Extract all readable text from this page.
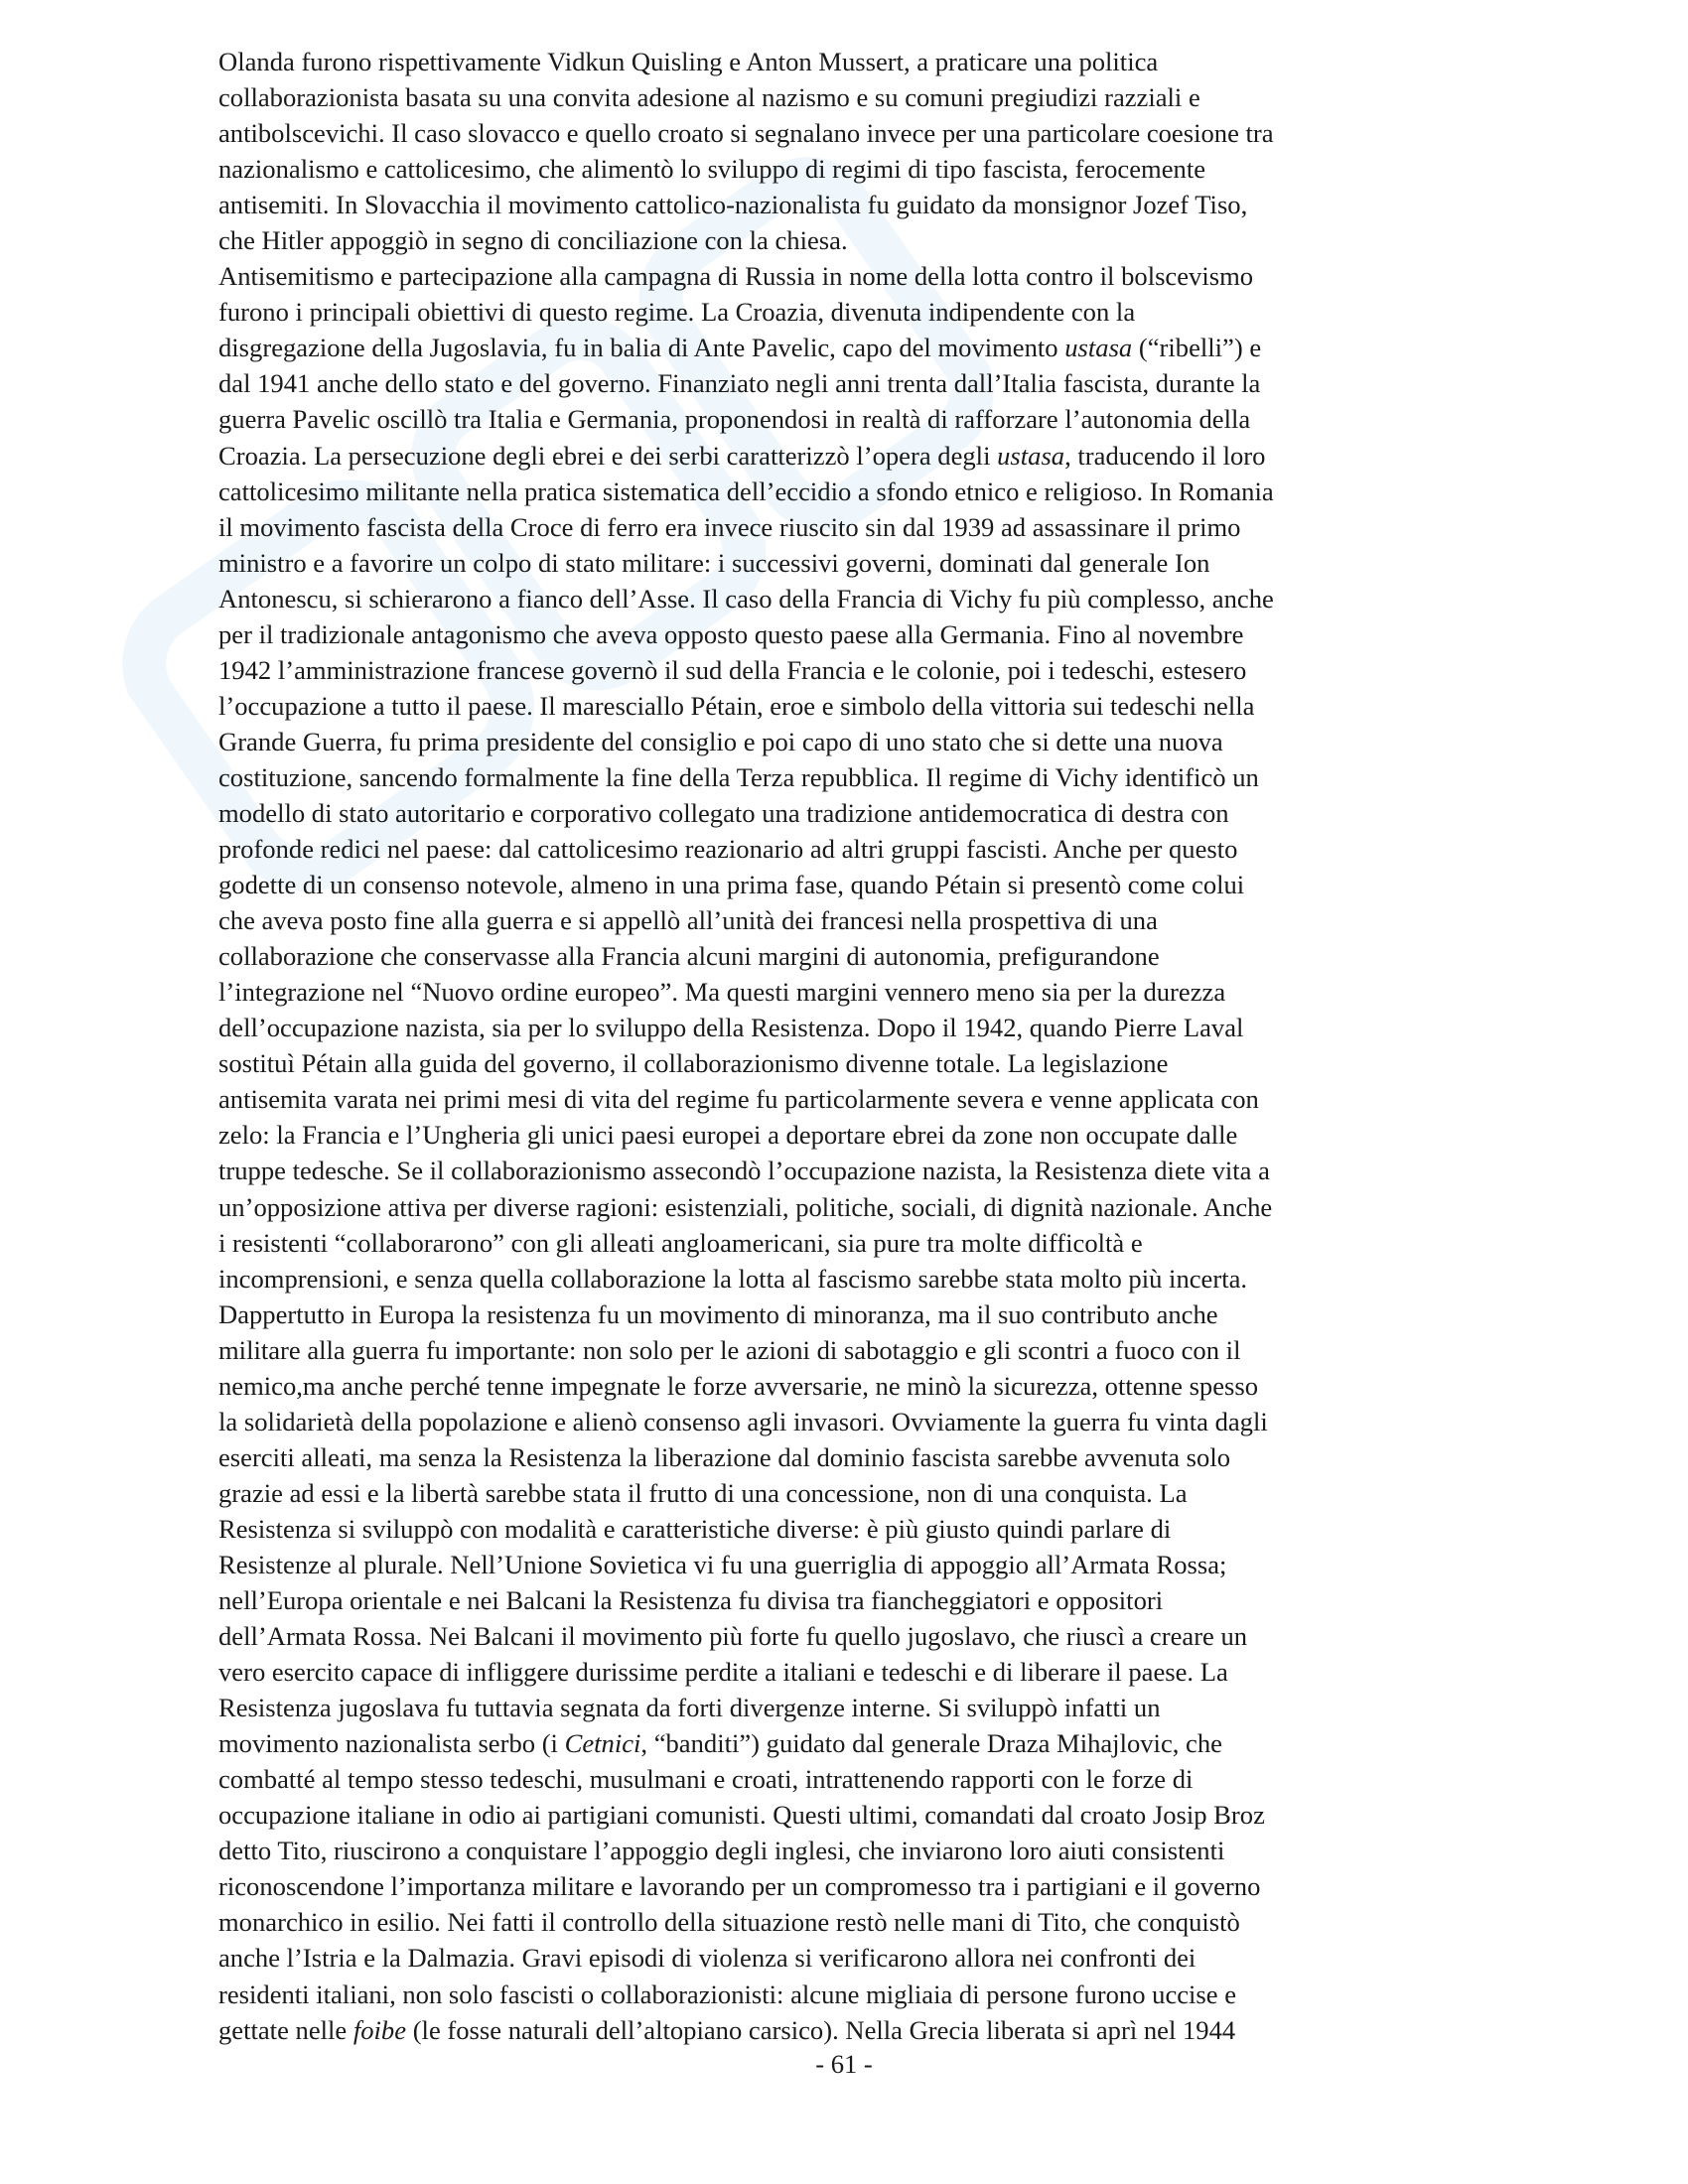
Olanda furono rispettivamente Vidkun Quisling e Anton Mussert, a praticare una politica

collaborazionista basata su una convita adesione al nazismo e su comuni pregiudizi razziali e

antibolscevichi. Il caso slovacco e quello croato si segnalano invece per una particolare coesione tra

nazionalismo e cattolicesimo, che alimentò lo sviluppo di regimi di tipo fascista, ferocemente

antisemiti. In Slovacchia il movimento cattolico-nazionalista fu guidato da monsignor Jozef Tiso,

che Hitler appoggiò in segno di conciliazione con la chiesa.

Antisemitismo e partecipazione alla campagna di Russia in nome della lotta contro il bolscevismo

furono i principali obiettivi di questo regime. La Croazia, divenuta indipendente con la

disgregazione della Jugoslavia, fu in balia di Ante Pavelic, capo del movimento ustasa (“ribelli”) e

dal 1941 anche dello stato e del governo. Finanziato negli anni trenta dall’Italia fascista, durante la

guerra Pavelic oscillò tra Italia e Germania, proponendosi in realtà di rafforzare l’autonomia della

Croazia. La persecuzione degli ebrei e dei serbi caratterizzò l’opera degli ustasa, traducendo il loro

cattolicesimo militante nella pratica sistematica dell’eccidio a sfondo etnico e religioso. In Romania

il movimento fascista della Croce di ferro era invece riuscito sin dal 1939 ad assassinare il primo

ministro e a favorire un colpo di stato militare: i successivi governi, dominati dal generale Ion

Antonescu, si schierarono a fianco dell’Asse. Il caso della Francia di Vichy fu più complesso, anche

per il tradizionale antagonismo che aveva opposto questo paese alla Germania. Fino al novembre

1942 l’amministrazione francese governò il sud della Francia e le colonie, poi i tedeschi, estesero

l’occupazione a tutto il paese. Il maresciallo Pétain, eroe e simbolo della vittoria sui tedeschi nella

Grande Guerra, fu prima presidente del consiglio e poi capo di uno stato che si dette una nuova

costituzione, sancendo formalmente la fine della Terza repubblica. Il regime di Vichy identificò un

modello di stato autoritario e corporativo collegato una tradizione antidemocratica di destra con

profonde redici nel paese: dal cattolicesimo reazionario ad altri gruppi fascisti. Anche per questo

godette di un consenso notevole, almeno in una prima fase, quando Pétain si presentò come colui

che aveva posto fine alla guerra e si appellò all’unità dei francesi nella prospettiva di una

collaborazione che conservasse alla Francia alcuni margini di autonomia, prefigurandone

l’integrazione nel “Nuovo ordine europeo”. Ma questi margini vennero meno sia per la durezza

dell’occupazione nazista, sia per lo sviluppo della Resistenza. Dopo il 1942, quando Pierre Laval

sostituì Pétain alla guida del governo, il collaborazionismo divenne totale. La legislazione

antisemita varata nei primi mesi di vita del regime fu particolarmente severa e venne applicata con

zelo: la Francia e l’Ungheria gli unici paesi europei a deportare ebrei da zone non occupate dalle

truppe tedesche. Se il collaborazionismo assecondò l’occupazione nazista, la Resistenza diete vita a

un’opposizione attiva per diverse ragioni: esistenziali, politiche, sociali, di dignità nazionale. Anche

i resistenti “collaborarono” con gli alleati angloamericani, sia pure tra molte difficoltà e

incomprensioni, e senza quella collaborazione la lotta al fascismo sarebbe stata molto più incerta.

Dappertutto in Europa la resistenza fu un movimento di minoranza, ma il suo contributo anche

militare alla guerra fu importante: non solo per le azioni di sabotaggio e gli scontri a fuoco con il

nemico,ma anche perché tenne impegnate le forze avversarie, ne minò la sicurezza, ottenne spesso

la solidarietà della popolazione e alienò consenso agli invasori. Ovviamente la guerra fu vinta dagli

eserciti alleati, ma senza la Resistenza la liberazione dal dominio fascista sarebbe avvenuta solo

grazie ad essi e la libertà sarebbe stata il frutto di una concessione, non di una conquista. La

Resistenza si sviluppò con modalità e caratteristiche diverse: è più giusto quindi parlare di

Resistenze al plurale. Nell’Unione Sovietica vi fu una guerriglia di appoggio all’Armata Rossa;

nell’Europa orientale e nei Balcani la Resistenza fu divisa tra fiancheggiatori e oppositori

dell’Armata Rossa. Nei Balcani il movimento più forte fu quello jugoslavo, che riuscì a creare un

vero esercito capace di infliggere durissime perdite a italiani e tedeschi e di liberare il paese. La

Resistenza jugoslava fu tuttavia segnata da forti divergenze interne. Si sviluppò infatti un

movimento nazionalista serbo (i Cetnici, “banditi”) guidato dal generale Draza Mihajlovic, che

combatté al tempo stesso tedeschi, musulmani e croati, intrattenendo rapporti con le forze di

occupazione italiane in odio ai partigiani comunisti. Questi ultimi, comandati dal croato Josip Broz

detto Tito, riuscirono a conquistare l’appoggio degli inglesi, che inviarono loro aiuti consistenti

riconoscendone l’importanza militare e lavorando per un compromesso tra i partigiani e il governo

monarchico in esilio. Nei fatti il controllo della situazione restò nelle mani di Tito, che conquistò

anche l’Istria e la Dalmazia. Gravi episodi di violenza si verificarono allora nei confronti dei

residenti italiani, non solo fascisti o collaborazionisti: alcune migliaia di persone furono uccise e

gettate nelle foibe (le fosse naturali dell’altopiano carsico). Nella Grecia liberata si aprì nel 1944

- 61 -
